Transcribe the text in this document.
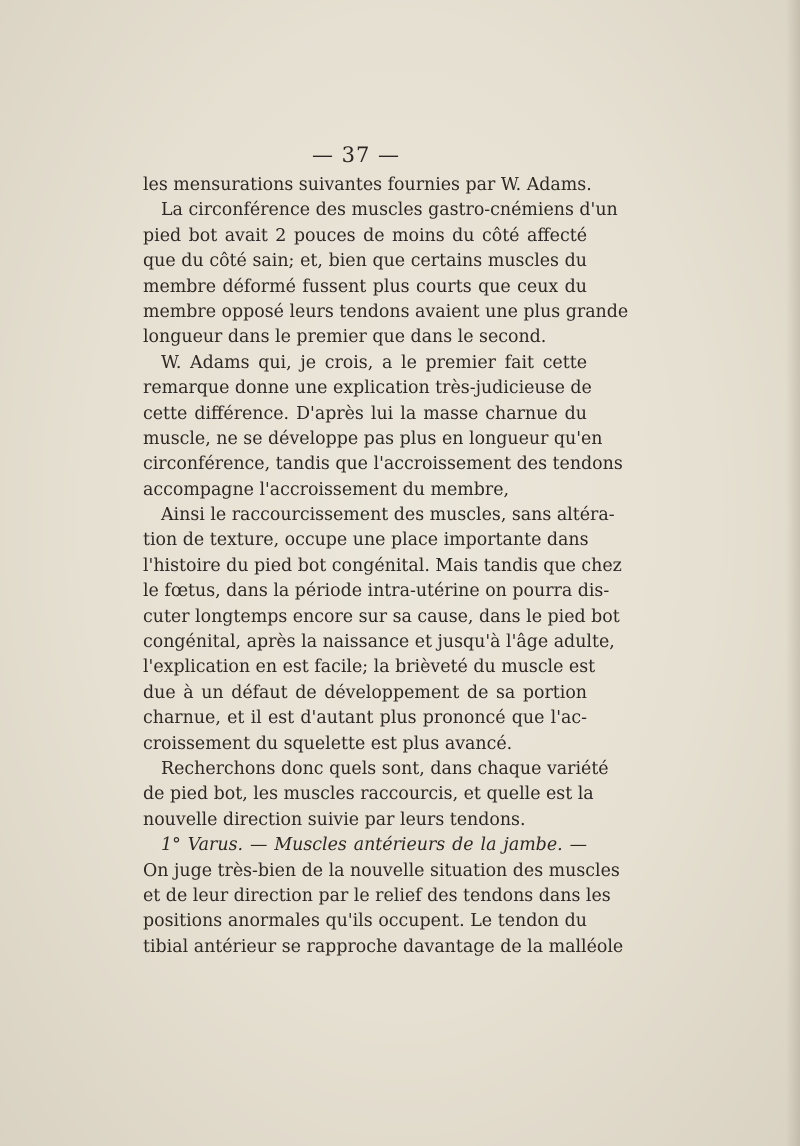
— 37 —
les mensurations suivantes fournies par W. Adams.
La circonférence des muscles gastro-cnémiens d'un
pied bot avait 2 pouces de moins du côté affecté
que du côté sain; et, bien que certains muscles du
membre déformé fussent plus courts que ceux du
membre opposé leurs tendons avaient une plus grande
longueur dans le premier que dans le second.
W. Adams qui, je crois, a le premier fait cette
remarque donne une explication très-judicieuse de
cette différence. D'après lui la masse charnue du
muscle, ne se développe pas plus en longueur qu'en
circonférence, tandis que l'accroissement des tendons
accompagne l'accroissement du membre,
Ainsi le raccourcissement des muscles, sans altéra-
tion de texture, occupe une place importante dans
l'histoire du pied bot congénital. Mais tandis que chez
le fœtus, dans la période intra-utérine on pourra dis-
cuter longtemps encore sur sa cause, dans le pied bot
congénital, après la naissance et jusqu'à l'âge adulte,
l'explication en est facile; la brièveté du muscle est
due à un défaut de développement de sa portion
charnue, et il est d'autant plus prononcé que l'ac-
croissement du squelette est plus avancé.
Recherchons donc quels sont, dans chaque variété
de pied bot, les muscles raccourcis, et quelle est la
nouvelle direction suivie par leurs tendons.
1° Varus. — Muscles antérieurs de la jambe. —
On juge très-bien de la nouvelle situation des muscles
et de leur direction par le relief des tendons dans les
positions anormales qu'ils occupent. Le tendon du
tibial antérieur se rapproche davantage de la malléole
